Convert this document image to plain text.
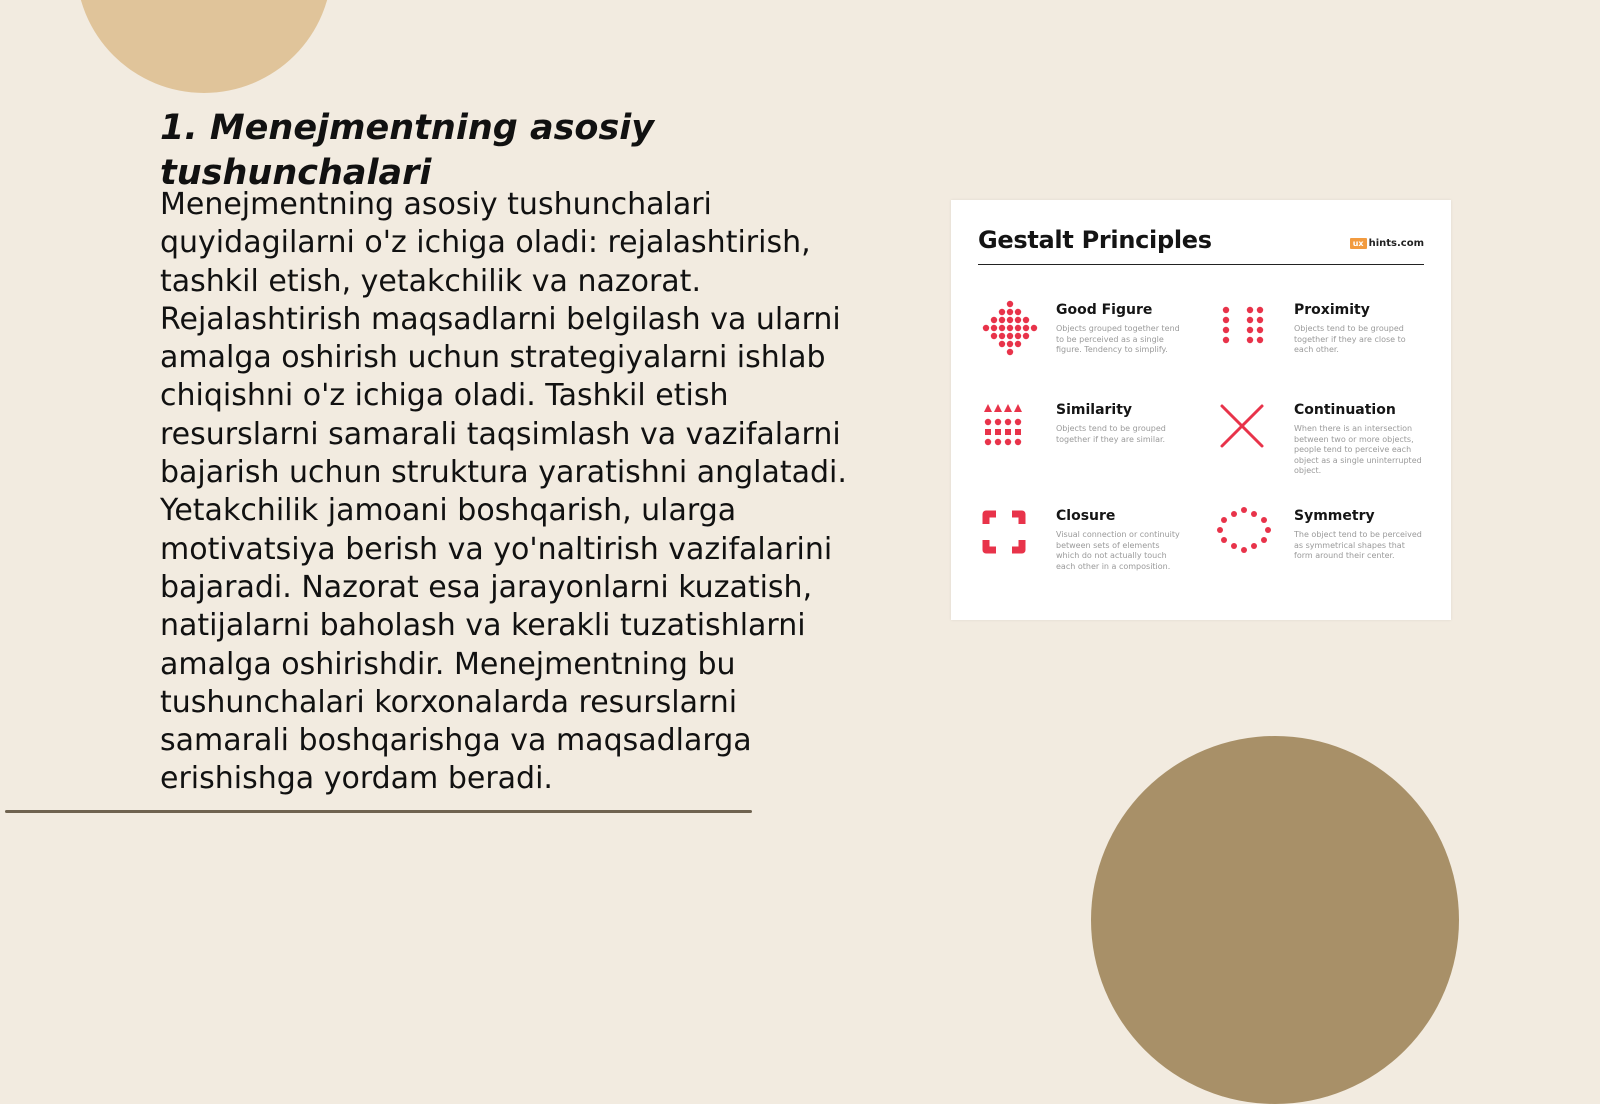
1. Menejmentning asosiy tushunchalari

Menejmentning asosiy tushunchalari quyidagilarni o'z ichiga oladi: rejalashtirish, tashkil etish, yetakchilik va nazorat. Rejalashtirish maqsadlarni belgilash va ularni amalga oshirish uchun strategiyalarni ishlab chiqishni o'z ichiga oladi. Tashkil etish resurslarni samarali taqsimlash va vazifalarni bajarish uchun struktura yaratishni anglatadi. Yetakchilik jamoani boshqarish, ularga motivatsiya berish va yo'naltirish vazifalarini bajaradi. Nazorat esa jarayonlarni kuzatish, natijalarni baholash va kerakli tuzatishlarni amalga oshirishdir. Menejmentning bu tushunchalari korxonalarda resurslarni samarali boshqarishga va maqsadlarga erishishga yordam beradi.

Gestalt Principles	ux hints.com
Good Figure
Objects grouped together tend to be perceived as a single figure. Tendency to simplify.
Proximity
Objects tend to be grouped together if they are close to each other.
Similarity
Objects tend to be grouped together if they are similar.
Continuation
When there is an intersection between two or more objects, people tend to perceive each object as a single uninterrupted object.
Closure
Visual connection or continuity between sets of elements which do not actually touch each other in a composition.
Symmetry
The object tend to be perceived as symmetrical shapes that form around their center.
